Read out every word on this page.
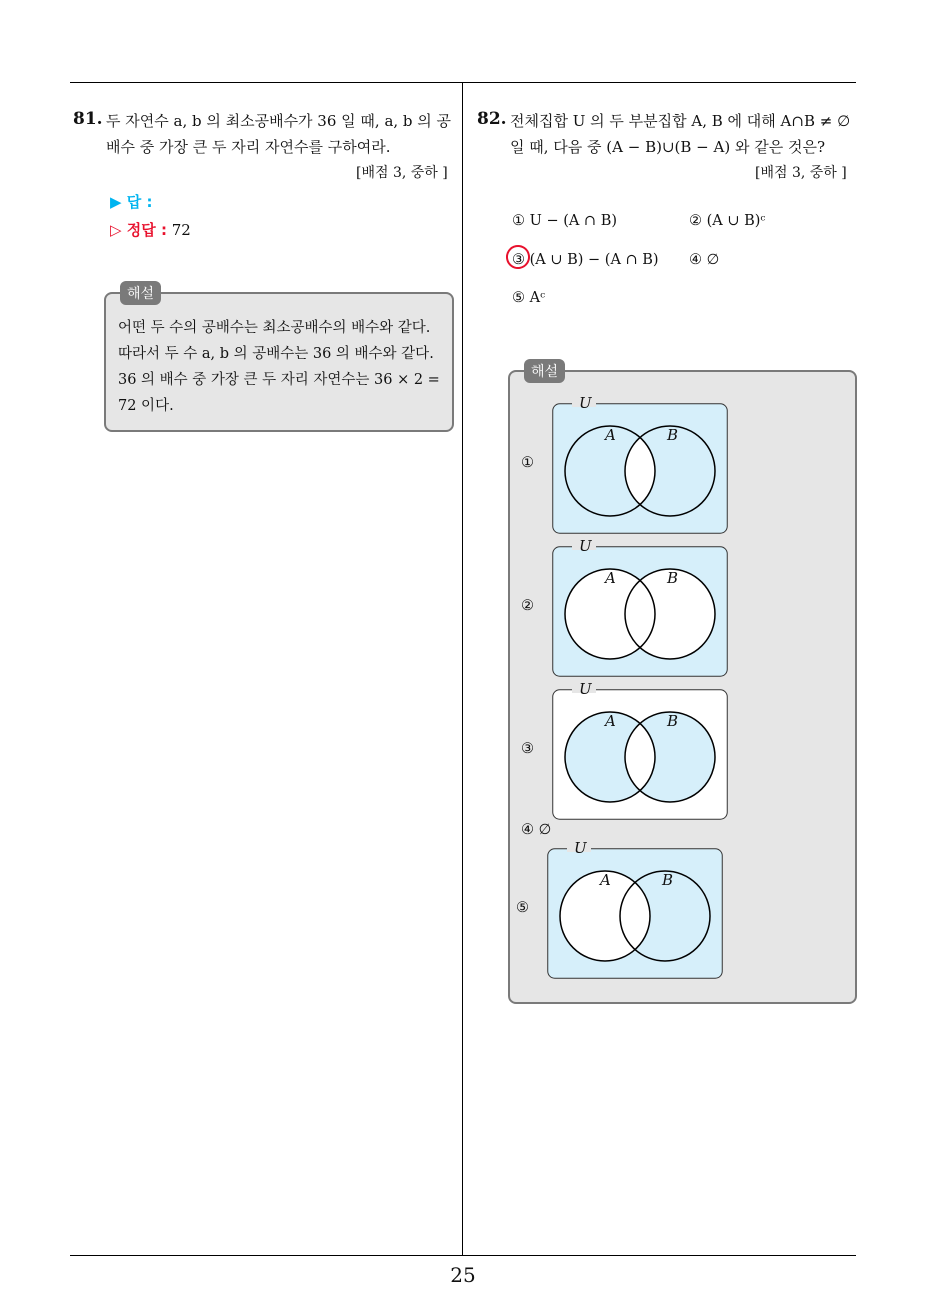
25
81. 두 자연수 a, b 의 최소공배수가 36 일 때, a, b 의 공
배수 중 가장 큰 두 자리 자연수를 구하여라.
[배점 3, 중하 ]
▶ 답 :
▷ 정답 : 72
해설
어떤 두 수의 공배수는 최소공배수의 배수와 같다.
따라서 두 수 a, b 의 공배수는 36 의 배수와 같다.
36 의 배수 중 가장 큰 두 자리 자연수는 36 × 2 =
72 이다.
82. 전체집합 U 의 두 부분집합 A, B 에 대해 A∩B ≠ ∅
일 때, 다음 중 (A − B)∪(B − A) 와 같은 것은?
[배점 3, 중하 ]
① U − (A ∩ B)	② (A ∪ B)ᶜ
③ (A ∪ B) − (A ∩ B) ④ ∅
⑤ Aᶜ
해설
U
A	B
①
U
A	B
②
U
A	B
③
U
A	B
⑤
④ ∅
